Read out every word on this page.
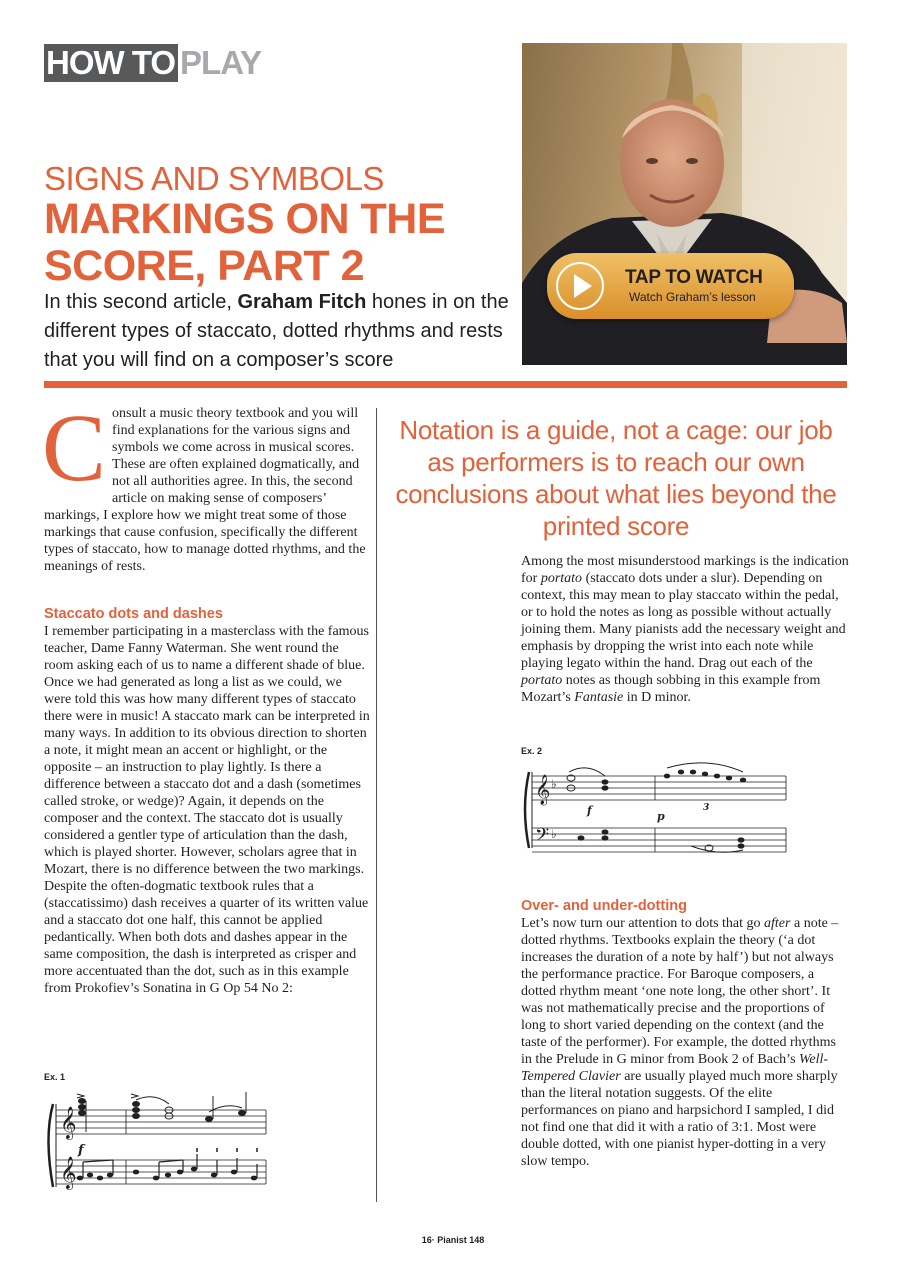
HOW TO PLAY
SIGNS AND SYMBOLS
MARKINGS ON THE SCORE, PART 2
In this second article, Graham Fitch hones in on the different types of staccato, dotted rhythms and rests that you will find on a composer’s score
TAP TO WATCH
Watch Graham’s lesson
Consult a music theory textbook and you will find explanations for the various signs and symbols we come across in musical scores. These are often explained dogmatically, and not all authorities agree. In this, the second article on making sense of composers’ markings, I explore how we might treat some of those markings that cause confusion, specifically the different types of staccato, how to manage dotted rhythms, and the meanings of rests.
Staccato dots and dashes

I remember participating in a masterclass with the famous teacher, Dame Fanny Waterman. She went round the room asking each of us to name a different shade of blue. Once we had generated as long a list as we could, we were told this was how many different types of staccato there were in music! A staccato mark can be interpreted in many ways. In addition to its obvious direction to shorten a note, it might mean an accent or highlight, or the opposite – an instruction to play lightly. Is there a difference between a staccato dot and a dash (sometimes called stroke, or wedge)? Again, it depends on the composer and the context. The staccato dot is usually considered a gentler type of articulation than the dash, which is played shorter. However, scholars agree that in Mozart, there is no difference between the two markings. Despite the often-dogmatic textbook rules that a (staccatissimo) dash receives a quarter of its written value and a staccato dot one half, this cannot be applied pedantically. When both dots and dashes appear in the same composition, the dash is interpreted as crisper and more accentuated than the dot, such as in this example from Prokofiev’s Sonatina in G Op 54 No 2:

Ex. 1
𝄞
𝄞
f
Notation is a guide, not a cage: our job as performers is to reach our own conclusions about what lies beyond the printed score
Among the most misunderstood markings is the indication for portato (staccato dots under a slur). Depending on context, this may mean to play staccato within the pedal, or to hold the notes as long as possible without actually joining them. Many pianists add the necessary weight and emphasis by dropping the wrist into each note while playing legato within the hand. Drag out each of the portato notes as though sobbing in this example from Mozart’s Fantasie in D minor.
Ex. 2
𝄞
𝄢
♭
♭
f	p
3
Over- and under-dotting

Let’s now turn our attention to dots that go after a note – dotted rhythms. Textbooks explain the theory (‘a dot increases the duration of a note by half’) but not always the performance practice. For Baroque composers, a dotted rhythm meant ‘one note long, the other short’. It was not mathematically precise and the proportions of long to short varied depending on the context (and the taste of the performer). For example, the dotted rhythms in the Prelude in G minor from Book 2 of Bach’s Well-Tempered Clavier are usually played much more sharply than the literal notation suggests. Of the elite performances on piano and harpsichord I sampled, I did not find one that did it with a ratio of 3:1. Most were double dotted, with one pianist hyper-dotting in a very slow tempo.

16· Pianist 148
